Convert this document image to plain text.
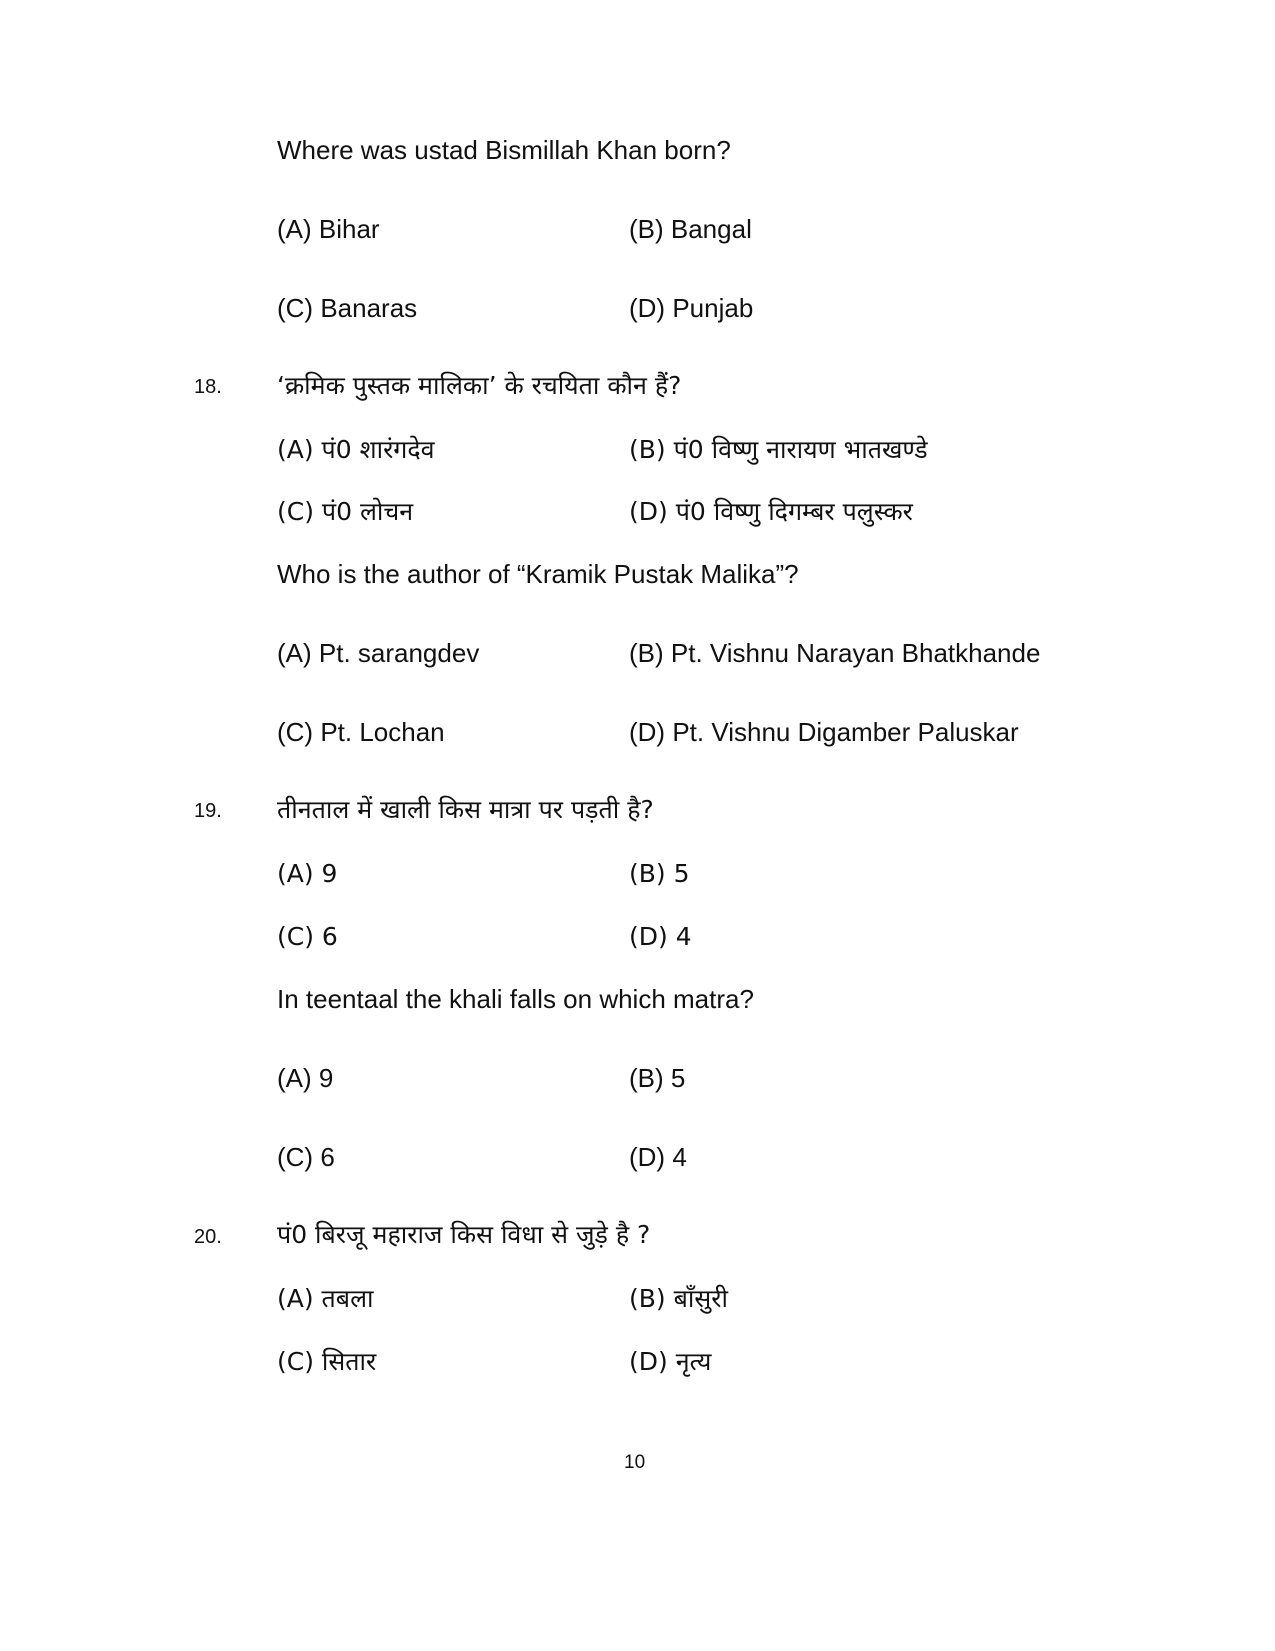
Where was ustad Bismillah Khan born?
(A) Bihar	(B) Bangal
(C) Banaras	(D) Punjab
18. ‘क्रमिक पुस्तक मालिका’ के रचयिता कौन हैं?
(A) पं0 शारंगदेव	(B) पं0 विष्णु नारायण भातखण्डे
(C) पं0 लोचन	(D) पं0 विष्णु दिगम्बर पलुस्कर
Who is the author of “Kramik Pustak Malika”?
(A) Pt. sarangdev	(B) Pt. Vishnu Narayan Bhatkhande
(C) Pt. Lochan	(D) Pt. Vishnu Digamber Paluskar
19. तीनताल में खाली किस मात्रा पर पड़ती है?
(A) 9	(B) 5
(C) 6	(D) 4
In teentaal the khali falls on which matra?
(A) 9	(B) 5
(C) 6	(D) 4
20. पं0 बिरजू महाराज किस विधा से जुड़े है ?
(A) तबला	(B) बाँसुरी
(C) सितार	(D) नृत्य
10
